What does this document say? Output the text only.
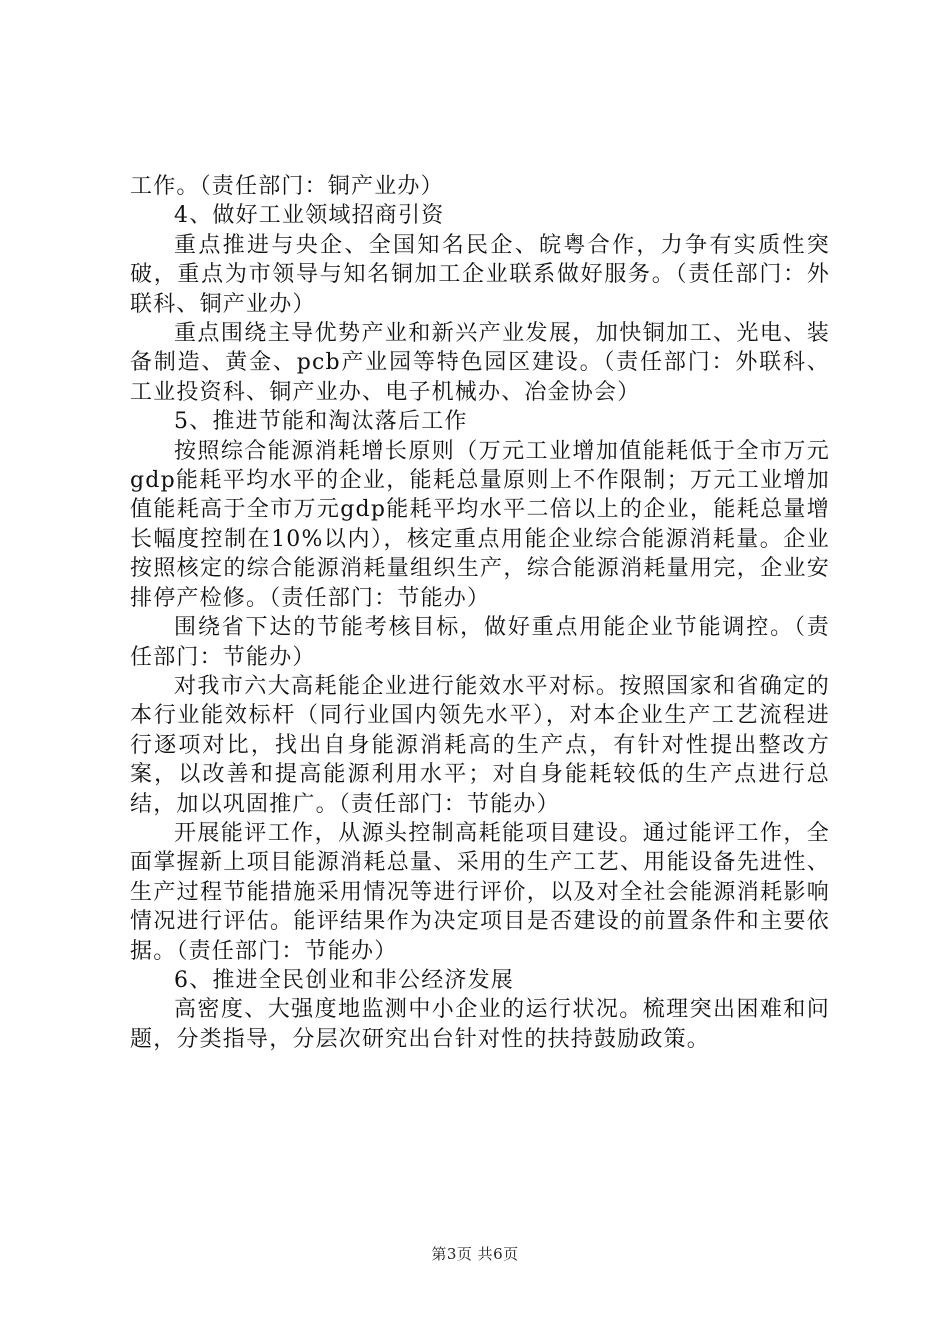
工作。（责任部门：铜产业办）

4、做好工业领域招商引资

重点推进与央企、全国知名民企、皖粤合作，力争有实质性突破，重点为市领导与知名铜加工企业联系做好服务。（责任部门：外联科、铜产业办）

重点围绕主导优势产业和新兴产业发展，加快铜加工、光电、装备制造、黄金、pcb产业园等特色园区建设。（责任部门：外联科、工业投资科、铜产业办、电子机械办、冶金协会）

5、推进节能和淘汰落后工作

按照综合能源消耗增长原则（万元工业增加值能耗低于全市万元gdp能耗平均水平的企业，能耗总量原则上不作限制；万元工业增加值能耗高于全市万元gdp能耗平均水平二倍以上的企业，能耗总量增长幅度控制在10%以内），核定重点用能企业综合能源消耗量。企业按照核定的综合能源消耗量组织生产，综合能源消耗量用完，企业安排停产检修。（责任部门：节能办）

围绕省下达的节能考核目标，做好重点用能企业节能调控。（责任部门：节能办）

对我市六大高耗能企业进行能效水平对标。按照国家和省确定的本行业能效标杆（同行业国内领先水平），对本企业生产工艺流程进行逐项对比，找出自身能源消耗高的生产点，有针对性提出整改方案，以改善和提高能源利用水平；对自身能耗较低的生产点进行总结，加以巩固推广。（责任部门：节能办）

开展能评工作，从源头控制高耗能项目建设。通过能评工作，全面掌握新上项目能源消耗总量、采用的生产工艺、用能设备先进性、生产过程节能措施采用情况等进行评价，以及对全社会能源消耗影响情况进行评估。能评结果作为决定项目是否建设的前置条件和主要依据。（责任部门：节能办）

6、推进全民创业和非公经济发展

高密度、大强度地监测中小企业的运行状况。梳理突出困难和问题，分类指导，分层次研究出台针对性的扶持鼓励政策。

第3页 共6页
